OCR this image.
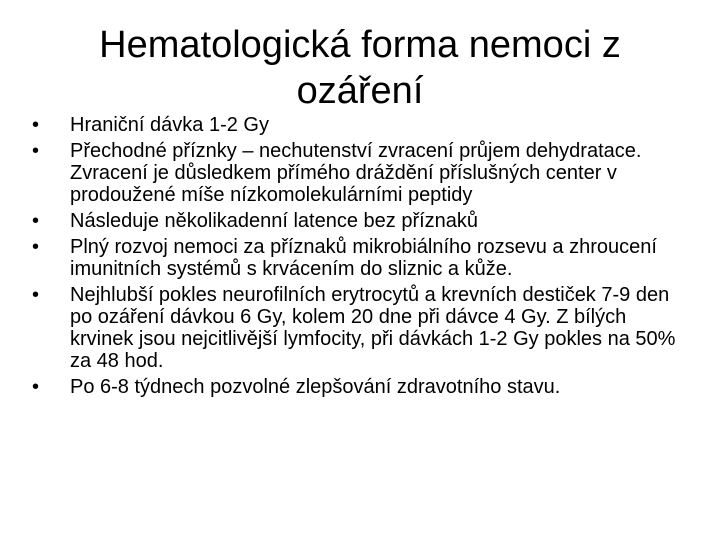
Hematologická forma nemoci z
ozáření
• Hraniční dávka 1-2 Gy
• Přechodné příznky – nechutenství zvracení průjem dehydratace. Zvracení je důsledkem přímého dráždění příslušných center v prodoužené míše nízkomolekulárními peptidy
• Následuje několikadenní latence bez příznaků
• Plný rozvoj nemoci za příznaků mikrobiálního rozsevu a zhroucení imunitních systémů s krvácením do sliznic a kůže.
• Nejhlubší pokles neurofilních erytrocytů a krevních destiček 7-9 den po ozáření dávkou 6 Gy, kolem 20 dne při dávce 4 Gy. Z bílých krvinek jsou nejcitlivější lymfocity, při dávkách 1-2 Gy pokles na 50% za 48 hod.
• Po 6-8 týdnech pozvolné zlepšování zdravotního stavu.
